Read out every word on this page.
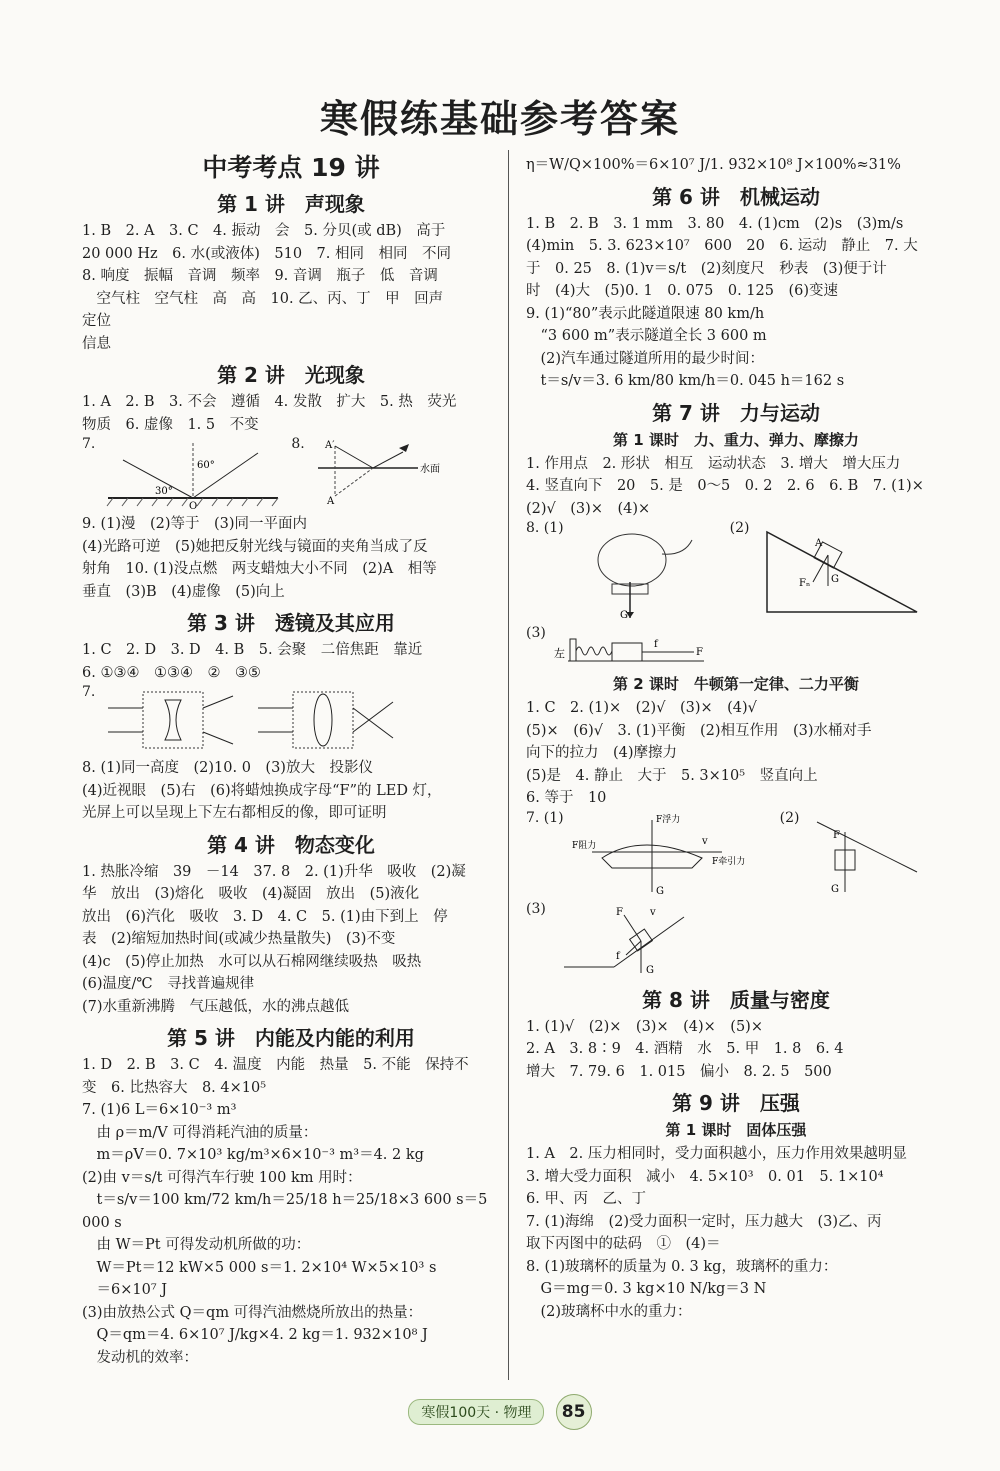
寒假练基础参考答案
中考考点 19 讲
第 1 讲　声现象

1. B　2. A　3. C　4. 振动　会　5. 分贝(或 dB)　高于

20 000 Hz　6. 水(或液体)　510　7. 相同　相同　不同

8. 响度　振幅　音调　频率　9. 音调　瓶子　低　音调

　空气柱　空气柱　高　高　10. 乙、丙、丁　甲　回声

定位

信息

第 2 讲　光现象

1. A　2. B　3. 不会　遵循　4. 发散　扩大　5. 热　荧光

物质　6. 虚像　1. 5　不变

7.
30°
60°
O
8.
水面
A′
A

9. (1)漫　(2)等于　(3)同一平面内

(4)光路可逆　(5)她把反射光线与镜面的夹角当成了反

射角　10. (1)没点燃　两支蜡烛大小不同　(2)A　相等

垂直　(3)B　(4)虚像　(5)向上

第 3 讲　透镜及其应用

1. C　2. D　3. D　4. B　5. 会聚　二倍焦距　靠近

6. ①③④　①③④　②　③⑤

7.

8. (1)同一高度　(2)10. 0　(3)放大　投影仪

(4)近视眼　(5)右　(6)将蜡烛换成字母“F”的 LED 灯，

光屏上可以呈现上下左右都相反的像，即可证明

第 4 讲　物态变化

1. 热胀冷缩　39　－14　37. 8　2. (1)升华　吸收　(2)凝

华　放出　(3)熔化　吸收　(4)凝固　放出　(5)液化

放出　(6)汽化　吸收　3. D　4. C　5. (1)由下到上　停

表　(2)缩短加热时间(或减少热量散失)　(3)不变

(4)c　(5)停止加热　水可以从石棉网继续吸热　吸热

(6)温度/℃　寻找普遍规律

(7)水重新沸腾　气压越低，水的沸点越低

第 5 讲　内能及内能的利用

1. D　2. B　3. C　4. 温度　内能　热量　5. 不能　保持不

变　6. 比热容大　8. 4×10⁵

7. (1)6 L＝6×10⁻³ m³

　由 ρ＝m/V 可得消耗汽油的质量：

　m＝ρV＝0. 7×10³ kg/m³×6×10⁻³ m³＝4. 2 kg

(2)由 v＝s/t 可得汽车行驶 100 km 用时：

　t＝s/v＝100 km/72 km/h＝25/18 h＝25/18×3 600 s＝5 000 s

　由 W＝Pt 可得发动机所做的功：

　W＝Pt＝12 kW×5 000 s＝1. 2×10⁴ W×5×10³ s

　＝6×10⁷ J

(3)由放热公式 Q＝qm 可得汽油燃烧所放出的热量：

　Q＝qm＝4. 6×10⁷ J/kg×4. 2 kg＝1. 932×10⁸ J

　发动机的效率：

η＝W/Q×100%＝6×10⁷ J/1. 932×10⁸ J×100%≈31%

第 6 讲　机械运动

1. B　2. B　3. 1 mm　3. 80　4. (1)cm　(2)s　(3)m/s

(4)min　5. 3. 623×10⁷　600　20　6. 运动　静止　7. 大

于　0. 25　8. (1)v＝s/t　(2)刻度尺　秒表　(3)便于计

时　(4)大　(5)0. 1　0. 075　0. 125　(6)变速

9. (1)“80”表示此隧道限速 80 km/h

　“3 600 m”表示隧道全长 3 600 m

　(2)汽车通过隧道所用的最少时间：

　t＝s/v＝3. 6 km/80 km/h＝0. 045 h＝162 s

第 7 讲　力与运动
第 1 课时　力、重力、弹力、摩擦力

1. 作用点　2. 形状　相互　运动状态　3. 增大　增大压力

4. 竖直向下　20　5. 是　0～5　0. 2　2. 6　6. B　7. (1)×

(2)√　(3)×　(4)×

8. (1)
G
(2)
G
Fₙ
A
(3)
左	F
f
第 2 课时　牛顿第一定律、二力平衡

1. C　2. (1)×　(2)√　(3)×　(4)√

(5)×　(6)√　3. (1)平衡　(2)相互作用　(3)水桶对手

向下的拉力　(4)摩擦力

(5)是　4. 静止　大于　5. 3×10⁵　竖直向上

6. 等于　10

7. (1)	F浮力
G
F阻力
F牵引力
v
(2)
F
G
(3)	F
G
f
v
第 8 讲　质量与密度

1. (1)√　(2)×　(3)×　(4)×　(5)×

2. A　3. 8∶9　4. 酒精　水　5. 甲　1. 8　6. 4

增大　7. 79. 6　1. 015　偏小　8. 2. 5　500

第 9 讲　压强
第 1 课时　固体压强

1. A　2. 压力相同时，受力面积越小，压力作用效果越明显

3. 增大受力面积　减小　4. 5×10³　0. 01　5. 1×10⁴

6. 甲、丙　乙、丁

7. (1)海绵　(2)受力面积一定时，压力越大　(3)乙、丙

取下丙图中的砝码　①　(4)＝

8. (1)玻璃杯的质量为 0. 3 kg，玻璃杯的重力：

　G＝mg＝0. 3 kg×10 N/kg＝3 N

　(2)玻璃杯中水的重力：

寒假100天 · 物理 85
